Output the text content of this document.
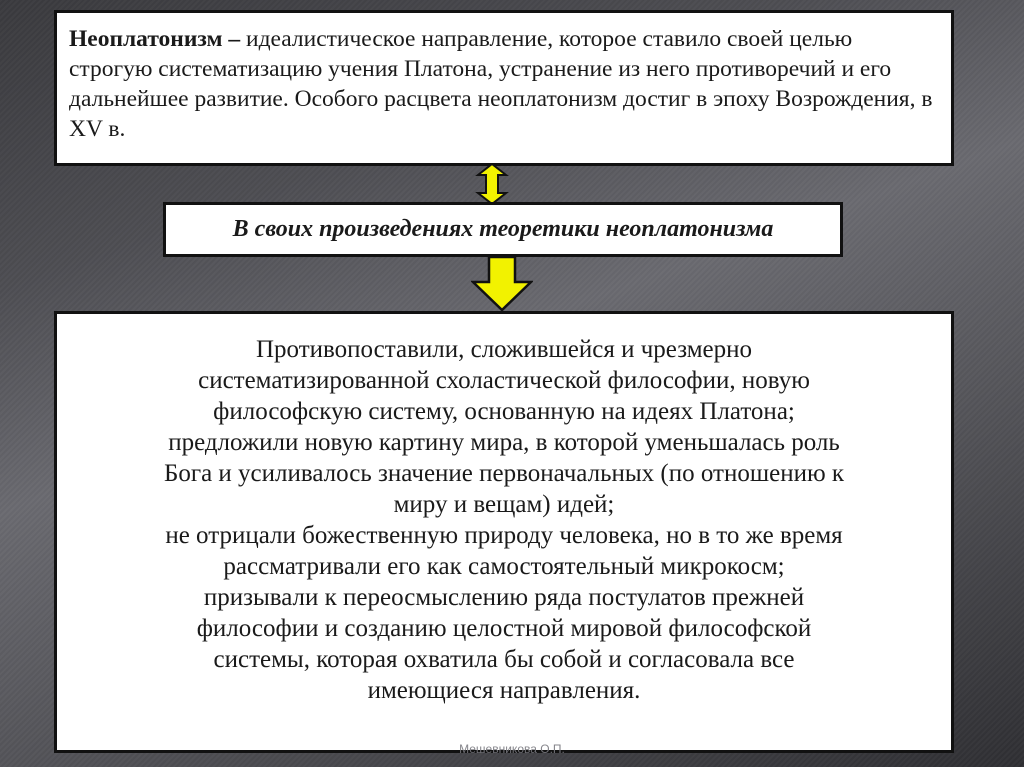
Неоплатонизм – идеалистическое направление, которое ставило своей целью строгую систематизацию учения Платона, устранение из него противоречий и его дальнейшее развитие. Особого расцвета неоплатонизм достиг в эпоху Возрождения, в XV в.
В своих произведениях теоретики неоплатонизма
Противопоставили, сложившейся и чрезмерно
систематизированной схоластической философии, новую
философскую систему, основанную на идеях Платона;
предложили новую картину мира, в которой уменьшалась роль
Бога и усиливалось значение первоначальных (по отношению к
миру и вещам) идей;
не отрицали божественную природу человека, но в то же время
рассматривали его как самостоятельный микрокосм;
призывали к переосмыслению ряда постулатов прежней
философии и созданию целостной мировой философской
системы, которая охватила бы собой и согласовала все
имеющиеся направления.
Мешевникова О.П.
